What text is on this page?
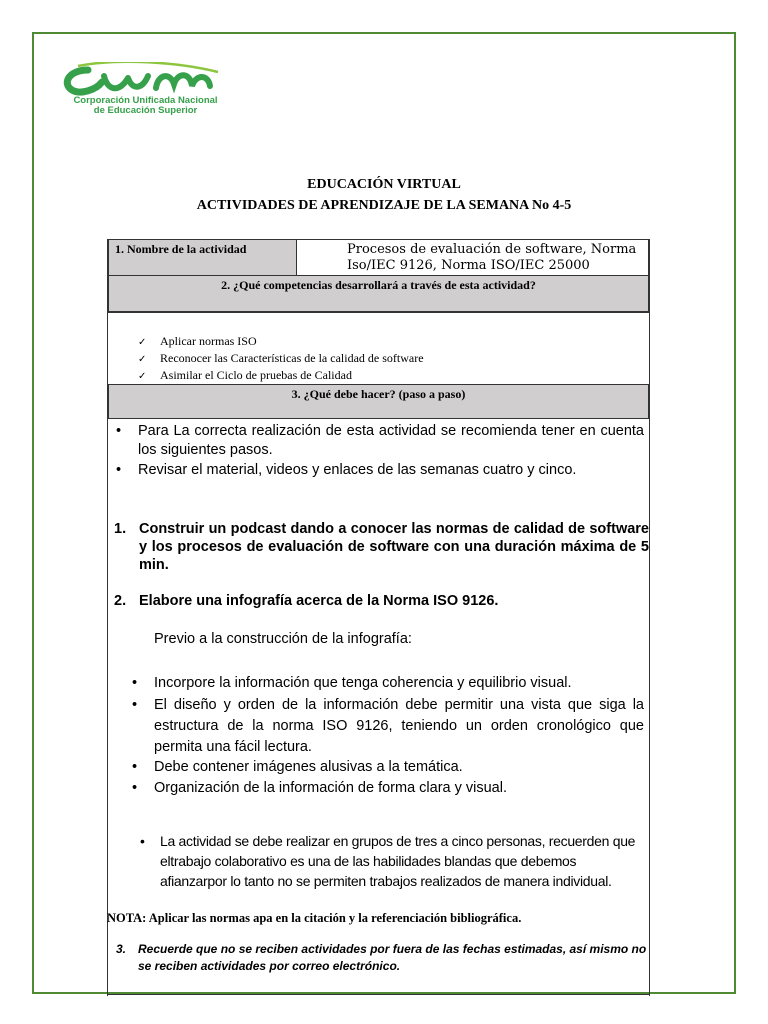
Corporación Unificada Nacional
de Educación Superior
EDUCACIÓN VIRTUAL
ACTIVIDADES DE APRENDIZAJE DE LA SEMANA No 4-5
1. Nombre de la actividad	Procesos de evaluación de software, Norma Iso/IEC 9126, Norma ISO/IEC 25000
2. ¿Qué competencias desarrollará a través de esta actividad?
✓ Aplicar normas ISO
✓ Reconocer las Características de la calidad de software
✓ Asimilar el Ciclo de pruebas de Calidad
3. ¿Qué debe hacer? (paso a paso)
• Para La correcta realización de esta actividad se recomienda tener en cuenta los siguientes pasos.
• Revisar el material, videos y enlaces de las semanas cuatro y cinco.
1. Construir un podcast dando a conocer las normas de calidad de software y los procesos de evaluación de software con una duración máxima de 5 min.
2. Elabore una infografía acerca de la Norma ISO 9126.
Previo a la construcción de la infografía:
• Incorpore la información que tenga coherencia y equilibrio visual.
• El diseño y orden de la información debe permitir una vista que siga la estructura de la norma ISO 9126, teniendo un orden cronológico que permita una fácil lectura.
• Debe contener imágenes alusivas a la temática.
• Organización de la información de forma clara y visual.
• La actividad se debe realizar en grupos de tres a cinco personas, recuerden que eltrabajo colaborativo es una de las habilidades blandas que debemos afianzarpor lo tanto no se permiten trabajos realizados de manera individual.
NOTA: Aplicar las normas apa en la citación y la referenciación bibliográfica.
3. Recuerde que no se reciben actividades por fuera de las fechas estimadas, así mismo no se reciben actividades por correo electrónico.
